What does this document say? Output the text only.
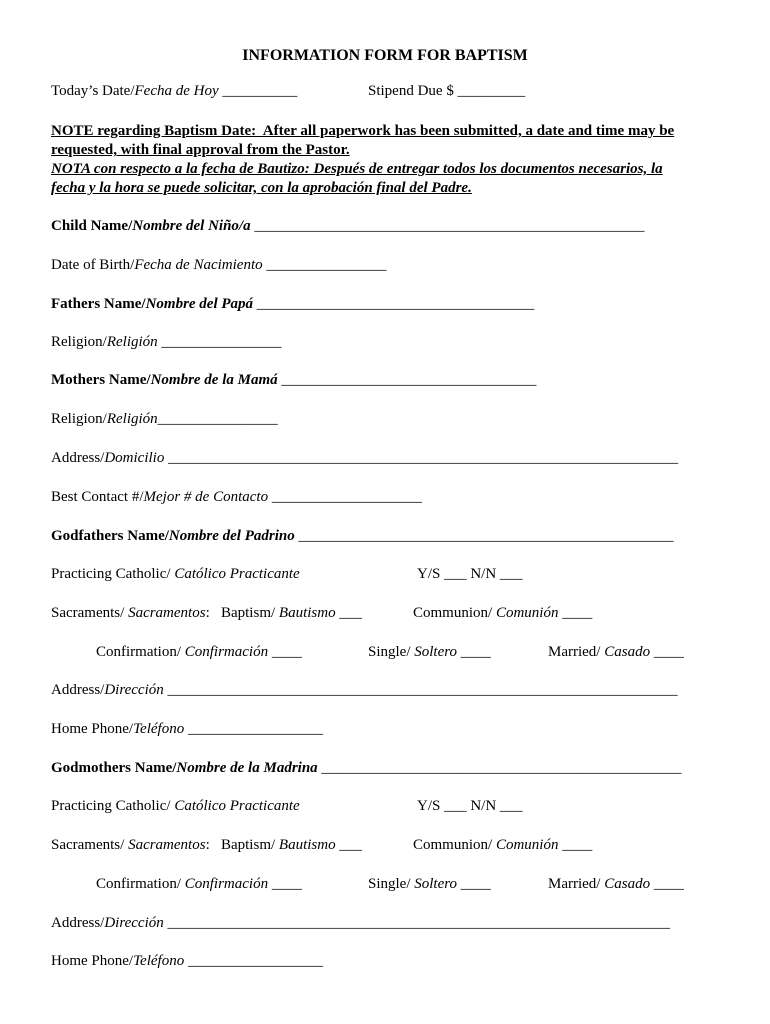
INFORMATION FORM FOR BAPTISM
Today’s Date/Fecha de Hoy __________	Stipend Due $ _________
NOTE regarding Baptism Date:  After all paperwork has been submitted, a date and time may be
requested, with final approval from the Pastor.
NOTA con respecto a la fecha de Bautizo: Después de entregar todos los documentos necesarios, la
fecha y la hora se puede solicitar, con la aprobación final del Padre.
Child Name/Nombre del Niño/a ____________________________________________________
Date of Birth/Fecha de Nacimiento ________________
Fathers Name/Nombre del Papá _____________________________________
Religion/Religión ________________
Mothers Name/Nombre de la Mamá __________________________________
Religion/Religión________________
Address/Domicilio ____________________________________________________________________
Best Contact #/Mejor # de Contacto ____________________
Godfathers Name/Nombre del Padrino __________________________________________________
Practicing Catholic/ Católico Practicante	Y/S ___ N/N ___
Sacraments/ Sacramentos:   Baptism/ Bautismo ___	Communion/ Comunión ____
Confirmation/ Confirmación ____	Single/ Soltero ____	Married/ Casado ____
Address/Dirección ____________________________________________________________________
Home Phone/Teléfono __________________
Godmothers Name/Nombre de la Madrina ________________________________________________
Practicing Catholic/ Católico Practicante	Y/S ___ N/N ___
Sacraments/ Sacramentos:   Baptism/ Bautismo ___	Communion/ Comunión ____
Confirmation/ Confirmación ____	Single/ Soltero ____	Married/ Casado ____
Address/Dirección ___________________________________________________________________
Home Phone/Teléfono __________________
